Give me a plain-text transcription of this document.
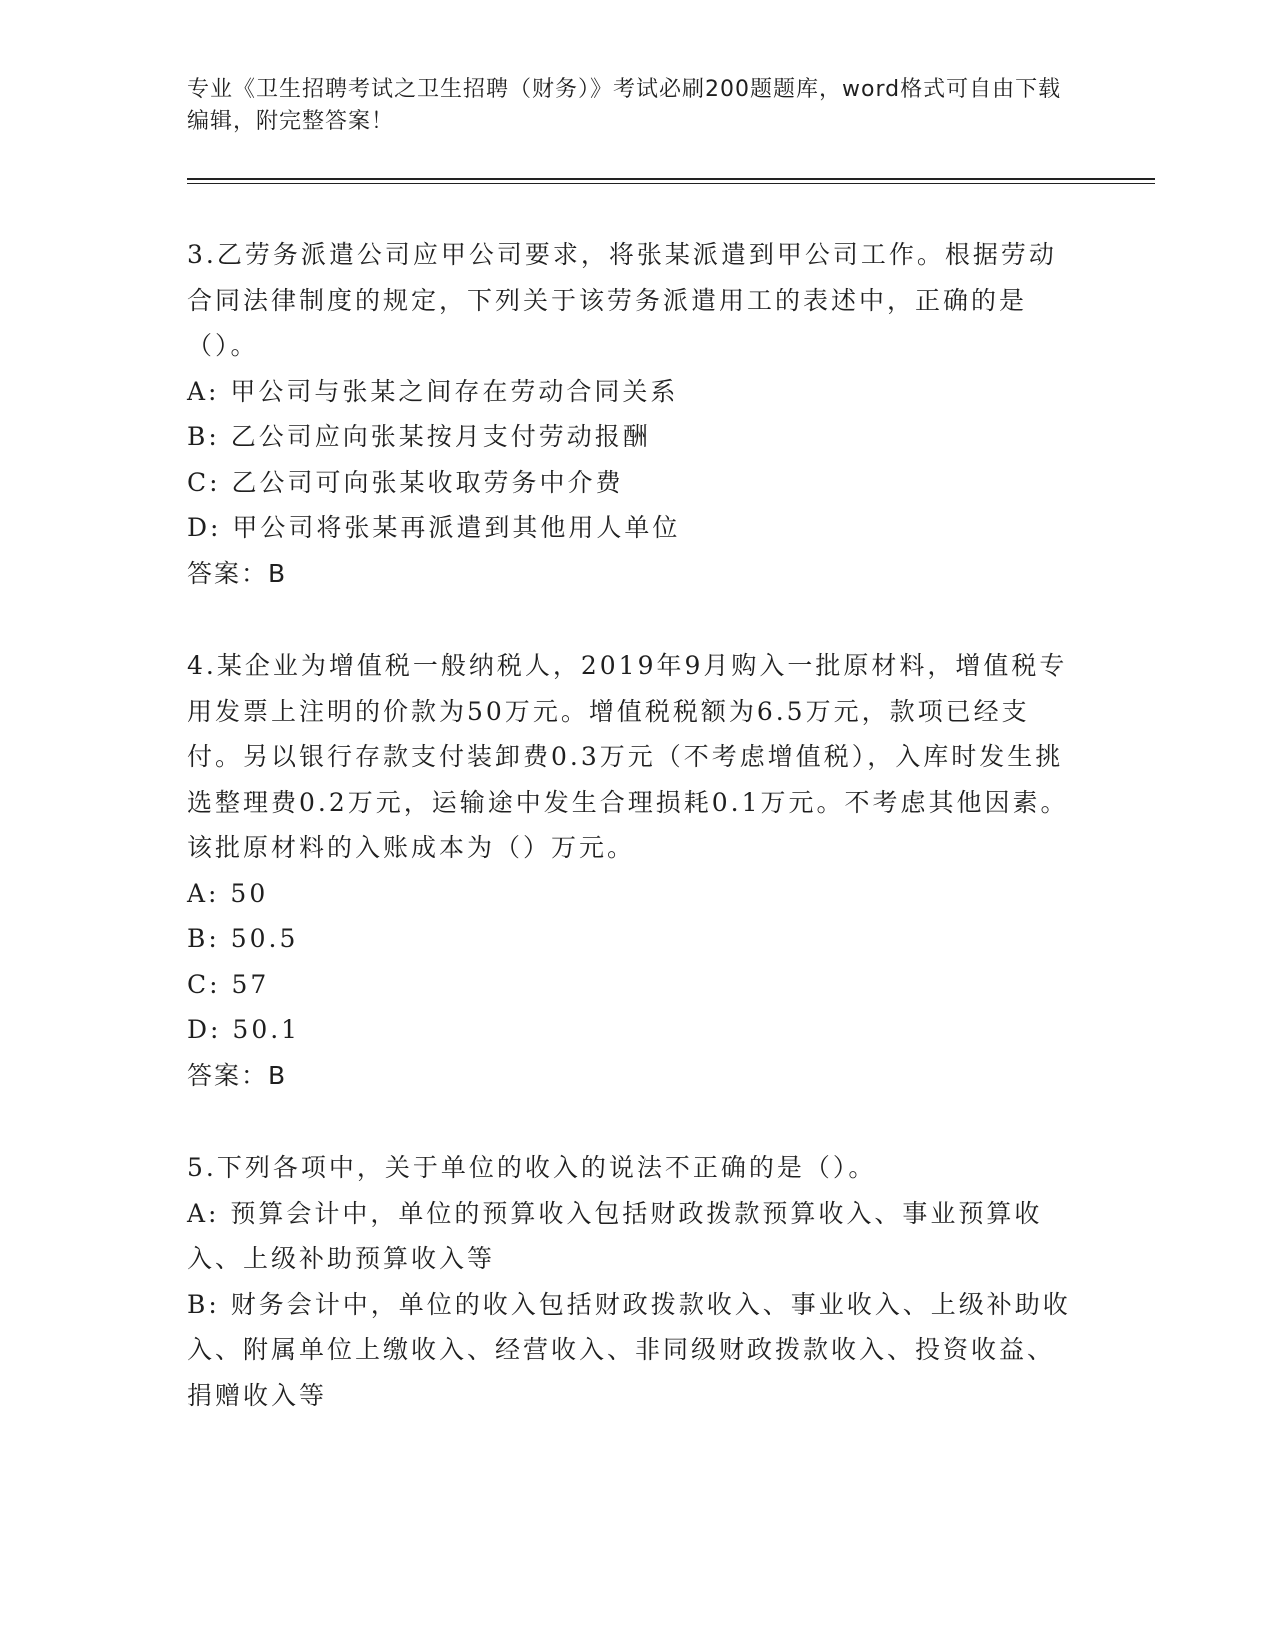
专业《卫生招聘考试之卫生招聘（财务）》考试必刷200题题库，word格式可自由下载编辑，附完整答案！

3.乙劳务派遣公司应甲公司要求，将张某派遣到甲公司工作。根据劳动合同法律制度的规定，下列关于该劳务派遣用工的表述中，正确的是（）。

A: 甲公司与张某之间存在劳动合同关系

B: 乙公司应向张某按月支付劳动报酬

C: 乙公司可向张某收取劳务中介费

D: 甲公司将张某再派遣到其他用人单位

答案：B

4.某企业为增值税一般纳税人，2019年9月购入一批原材料，增值税专用发票上注明的价款为50万元。增值税税额为6.5万元，款项已经支付。另以银行存款支付装卸费0.3万元（不考虑增值税），入库时发生挑选整理费0.2万元，运输途中发生合理损耗0.1万元。不考虑其他因素。该批原材料的入账成本为（）万元。

A: 50

B: 50.5

C: 57

D: 50.1

答案：B

5.下列各项中，关于单位的收入的说法不正确的是（）。

A: 预算会计中，单位的预算收入包括财政拨款预算收入、事业预算收入、上级补助预算收入等

B: 财务会计中，单位的收入包括财政拨款收入、事业收入、上级补助收入、附属单位上缴收入、经营收入、非同级财政拨款收入、投资收益、捐赠收入等
